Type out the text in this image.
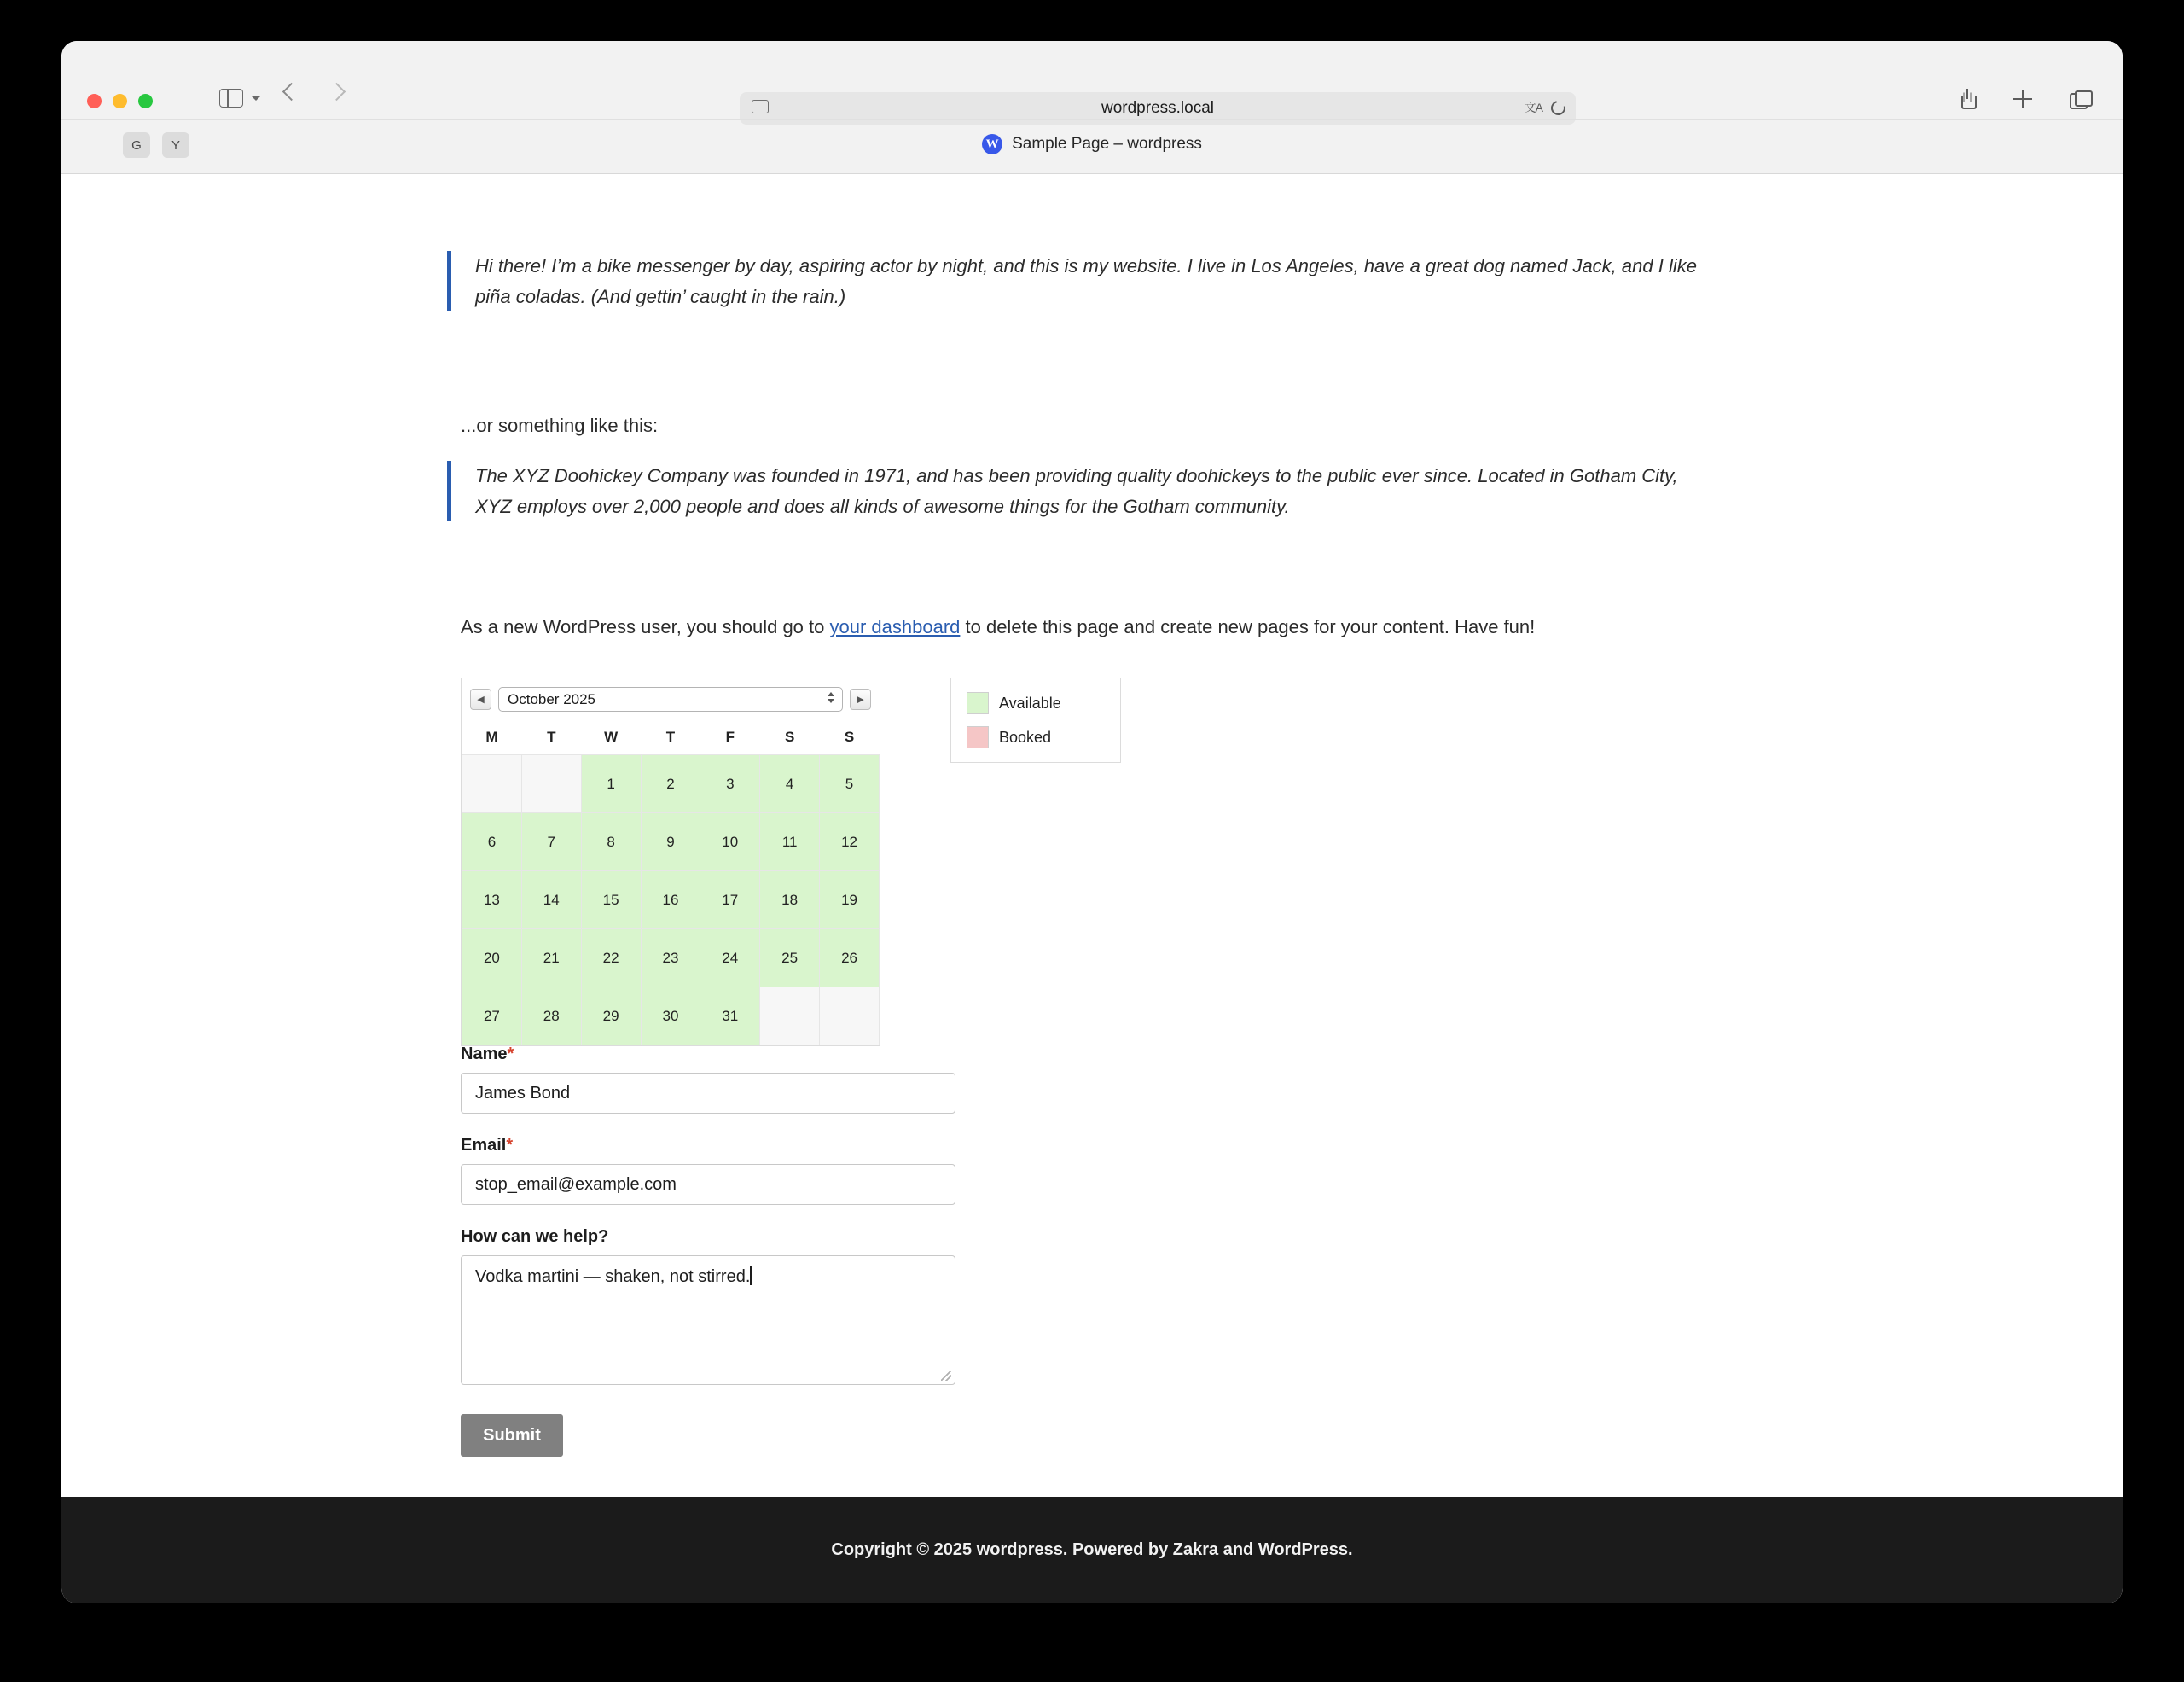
wordpress.local	文A
G	Y	W Sample Page – wordpress
Hi there! I’m a bike messenger by day, aspiring actor by night, and this is my website. I live in Los Angeles, have a great dog named Jack, and I like piña coladas. (And gettin’ caught in the rain.)
...or something like this:
The XYZ Doohickey Company was founded in 1971, and has been providing quality doohickeys to the public ever since. Located in Gotham City, XYZ employs over 2,000 people and does all kinds of awesome things for the Gotham community.
As a new WordPress user, you should go to your dashboard to delete this page and create new pages for your content. Have fun!
◀	October 2025	▶
M	T	W	T	F	S	S
		1	2	3	4	5
6	7	8	9	10	11	12
13	14	15	16	17	18	19
20	21	22	23	24	25	26
27	28	29	30	31		
Available
Booked
Name*
James Bond
Email*
stop_email@example.com
How can we help?
Vodka martini — shaken, not stirred.
Submit
Copyright © 2025 wordpress. Powered by Zakra and WordPress.
